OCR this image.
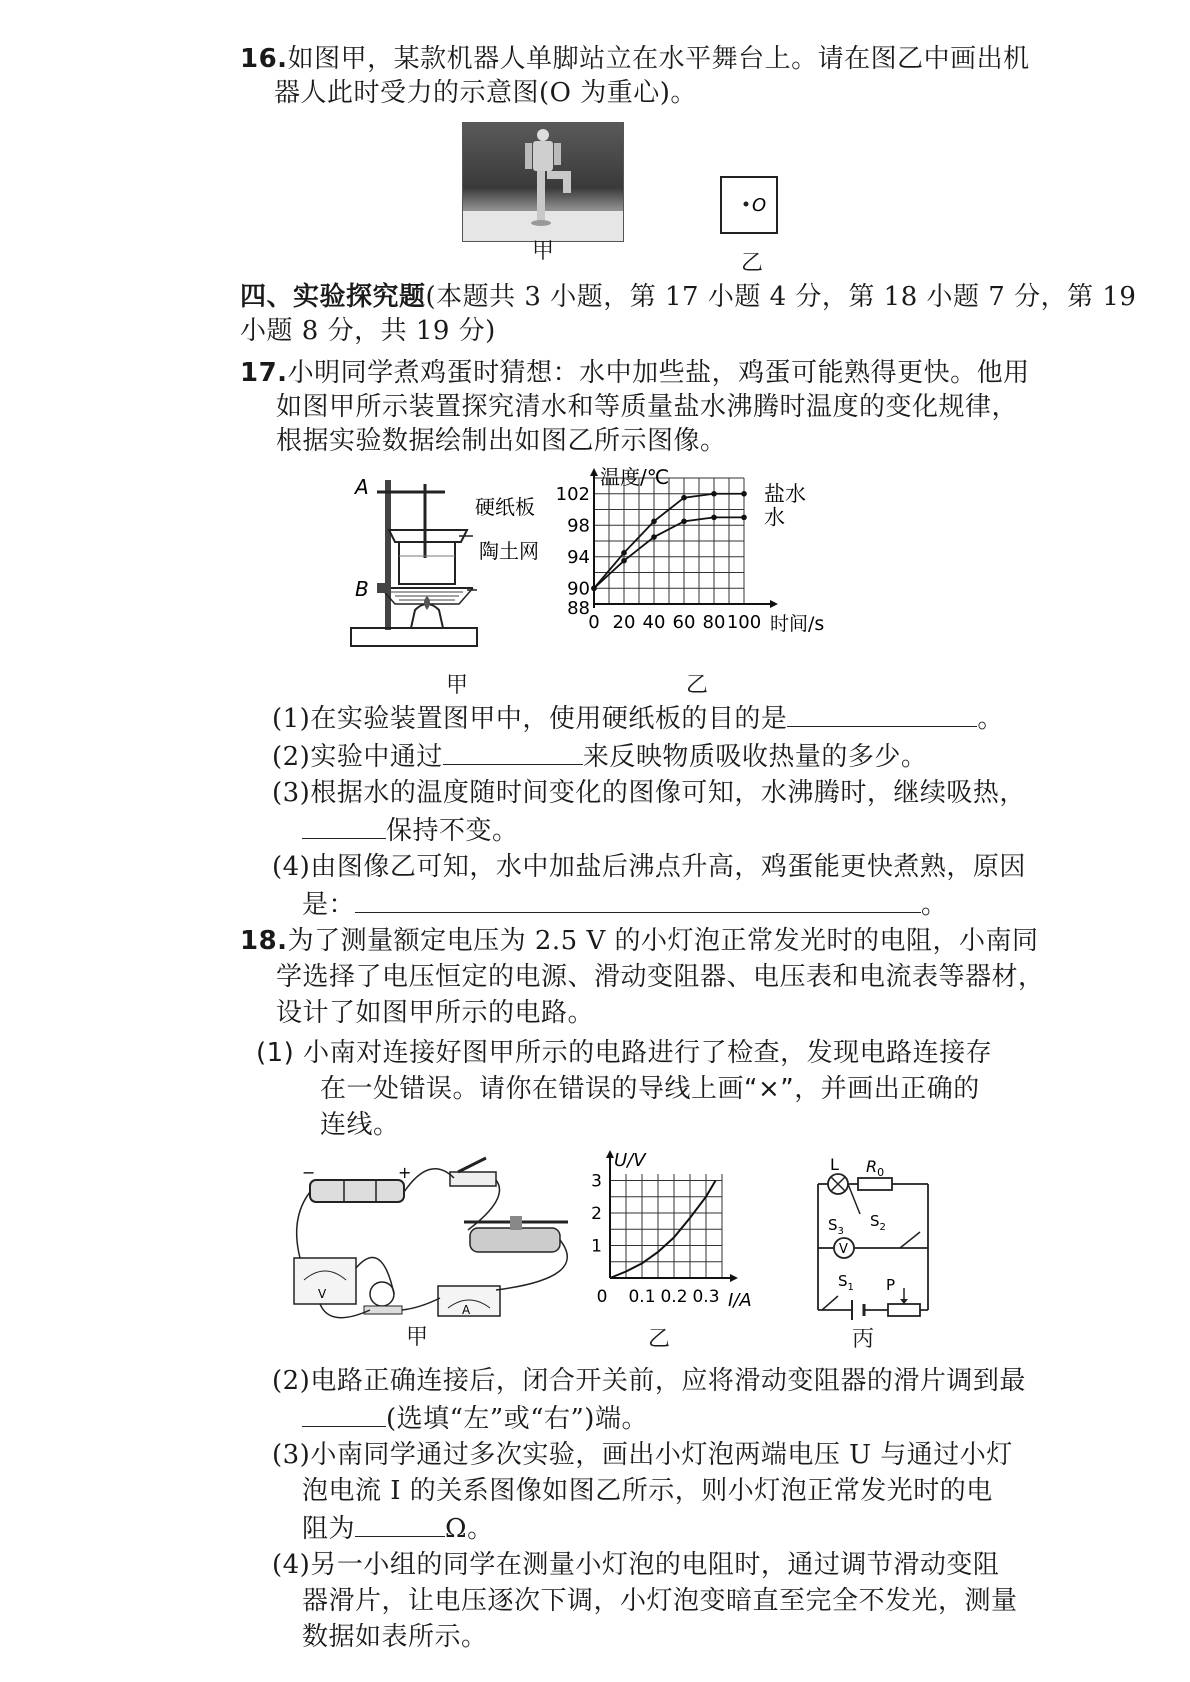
16.如图甲，某款机器人单脚站立在水平舞台上。请在图乙中画出机
器人此时受力的示意图(O 为重心)。
甲
O
乙
四、实验探究题(本题共 3 小题，第 17 小题 4 分，第 18 小题 7 分，第 19
小题 8 分，共 19 分)
17.小明同学煮鸡蛋时猜想：水中加些盐，鸡蛋可能熟得更快。他用
如图甲所示装置探究清水和等质量盐水沸腾时温度的变化规律，
根据实验数据绘制出如图乙所示图像。
A
B
硬纸板
陶土网
甲
温度/℃
时间/s
0 20 40 60 80 100
88
90
94
98
102	盐水
水
乙
(1)在实验装置图甲中，使用硬纸板的目的是	。
(2)实验中通过	来反映物质吸收热量的多少。
(3)根据水的温度随时间变化的图像可知，水沸腾时，继续吸热，
保持不变。
(4)由图像乙可知，水中加盐后沸点升高，鸡蛋能更快煮熟，原因
是：	。
18.为了测量额定电压为 2.5 V 的小灯泡正常发光时的电阻，小南同
学选择了电压恒定的电源、滑动变阻器、电压表和电流表等器材，
设计了如图甲所示的电路。
(1) 小南对连接好图甲所示的电路进行了检查，发现电路连接存
在一处错误。请你在错误的导线上画“×”，并画出正确的
连线。
−	+
V
A
甲
U/V
I/A
0 0.1 0.2 0.3
1
2
3
乙
L $R_0$
$S_3$
$S_2$
V
$S_1$ P
丙
(2)电路正确连接后，闭合开关前，应将滑动变阻器的滑片调到最
(选填“左”或“右”)端。
(3)小南同学通过多次实验，画出小灯泡两端电压 U 与通过小灯
泡电流 I 的关系图像如图乙所示，则小灯泡正常发光时的电
阻为	Ω。
(4)另一小组的同学在测量小灯泡的电阻时，通过调节滑动变阻
器滑片，让电压逐次下调，小灯泡变暗直至完全不发光，测量
数据如表所示。
